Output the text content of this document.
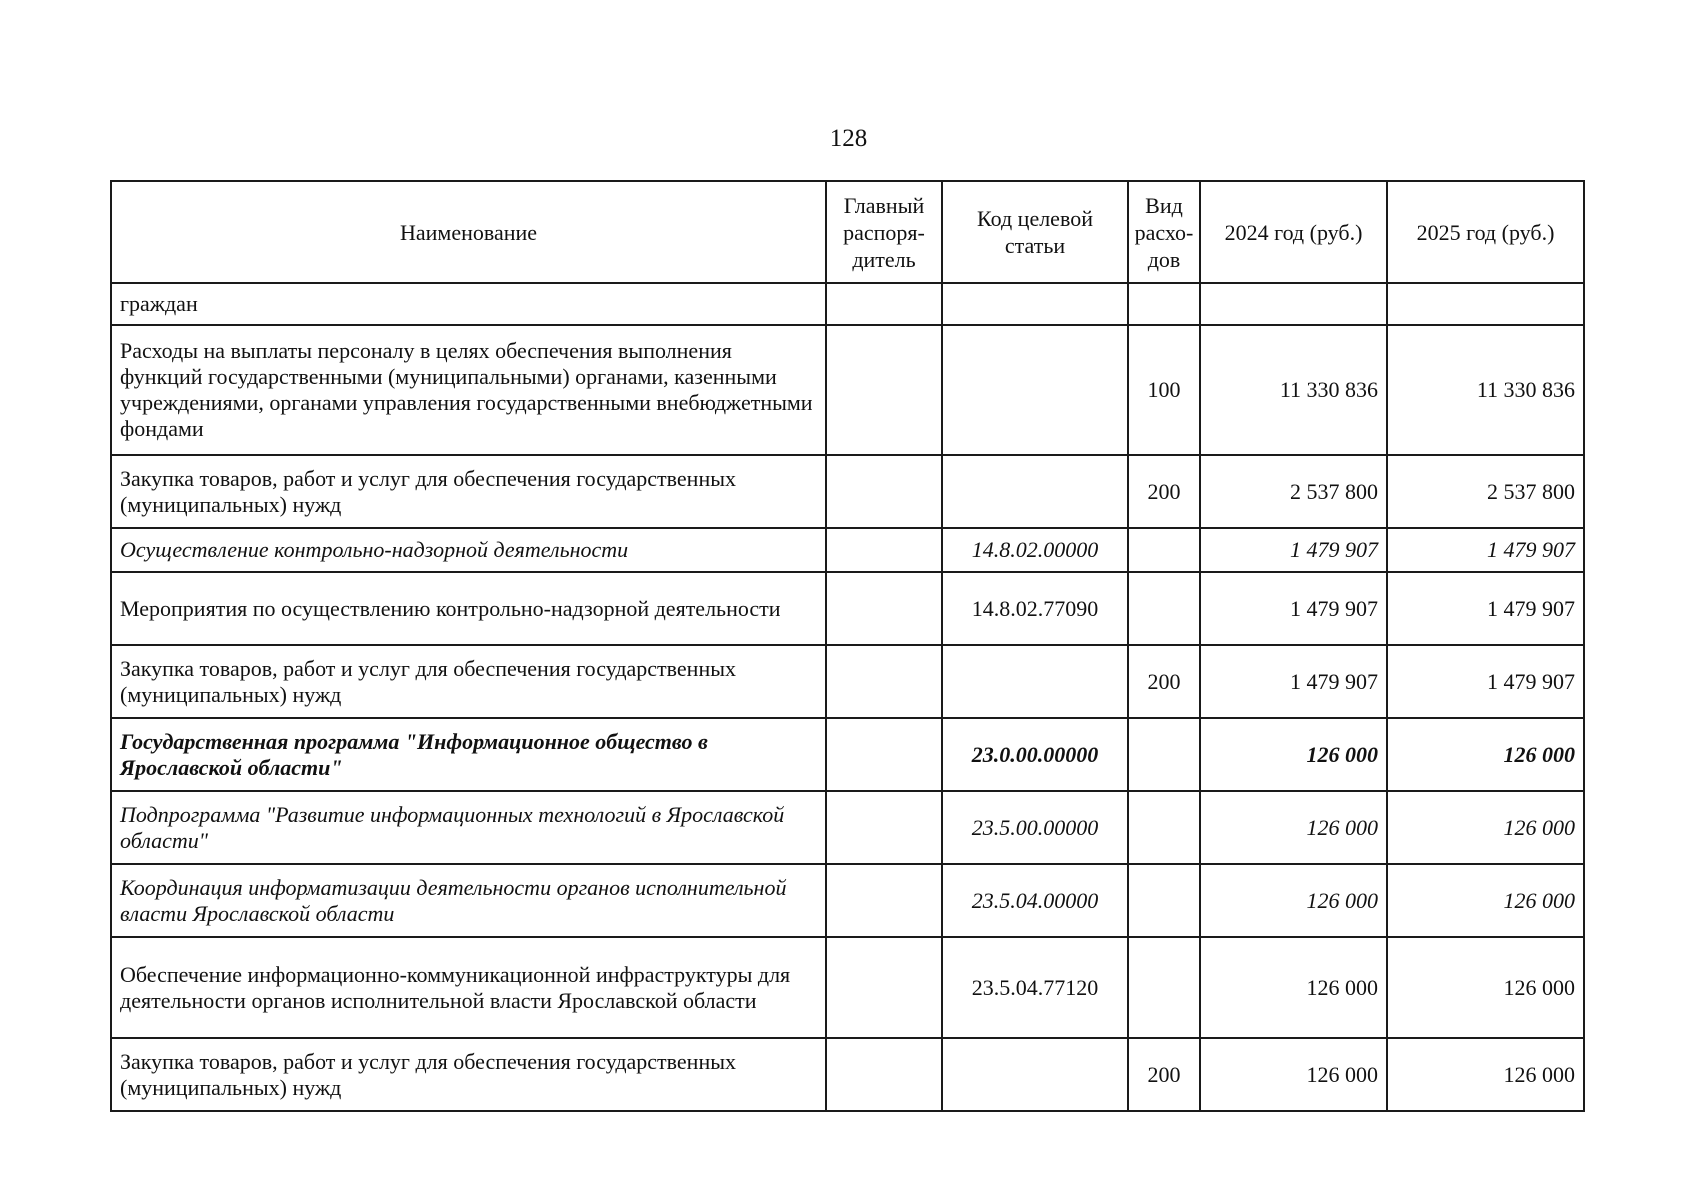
128
Наименование	Главный распоря-дитель	Код целевой статьи	Вид расхо-дов	2024 год (руб.)	2025 год (руб.)
граждан					
Расходы на выплаты персоналу в целях обеспечения выполнения функций государственными (муниципальными) органами, казенными учреждениями, органами управления государственными внебюджетными фондами			100	11 330 836	11 330 836
Закупка товаров, работ и услуг для обеспечения государственных (муниципальных) нужд			200	2 537 800	2 537 800
Осуществление контрольно-надзорной деятельности		14.8.02.00000		1 479 907	1 479 907
Мероприятия по осуществлению контрольно-надзорной деятельности		14.8.02.77090		1 479 907	1 479 907
Закупка товаров, работ и услуг для обеспечения государственных (муниципальных) нужд			200	1 479 907	1 479 907
Государственная программа "Информационное общество в Ярославской области"		23.0.00.00000		126 000	126 000
Подпрограмма "Развитие информационных технологий в Ярославской области"		23.5.00.00000		126 000	126 000
Координация информатизации деятельности органов исполнительной власти Ярославской области		23.5.04.00000		126 000	126 000
Обеспечение информационно-коммуникационной инфраструктуры для деятельности органов исполнительной власти Ярославской области		23.5.04.77120		126 000	126 000
Закупка товаров, работ и услуг для обеспечения государственных (муниципальных) нужд			200	126 000	126 000
